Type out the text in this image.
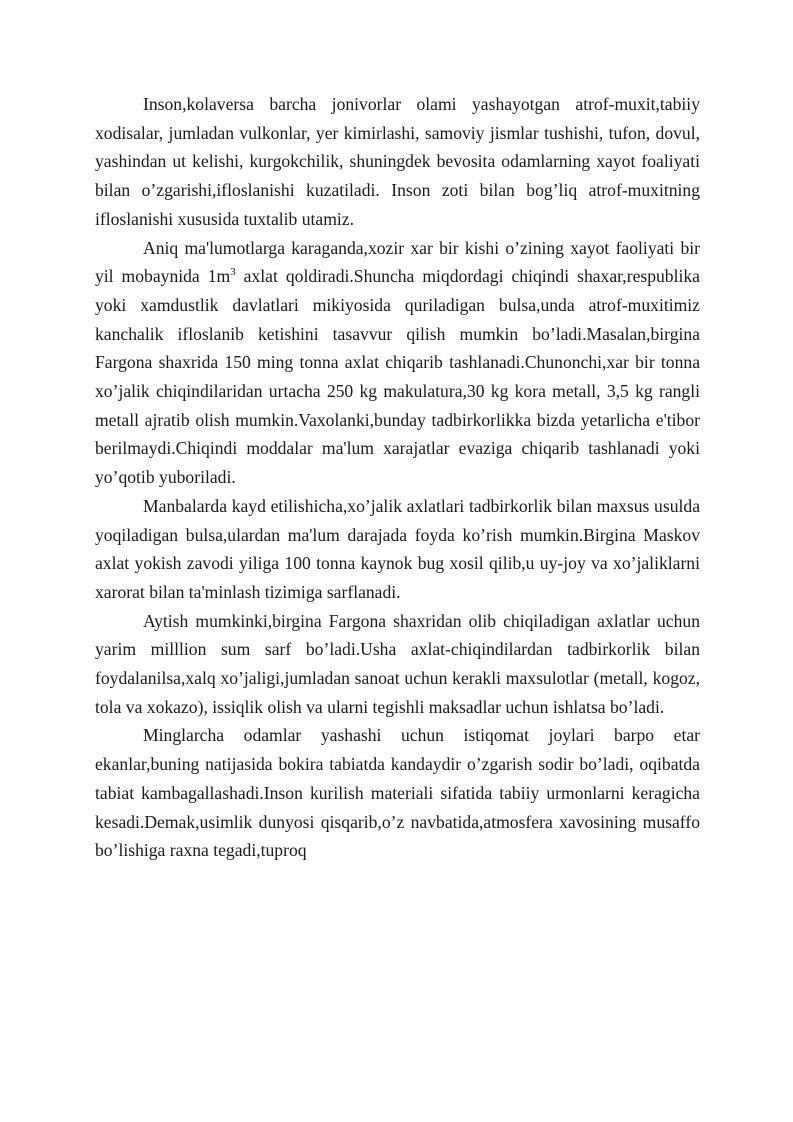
Inson,kolaversa barcha jonivorlar olami yashayotgan atrof-muxit,tabiiy xodisalar, jumladan vulkonlar, yer kimirlashi, samoviy jismlar tushishi, tufon, dovul, yashindan ut kelishi, kurgokchilik, shuningdek bevosita odamlarning xayot foaliyati bilan o’zgarishi,ifloslanishi kuzatiladi. Inson zoti bilan bog’liq atrof-muxitning ifloslanishi xususida tuxtalib utamiz.

Aniq ma'lumotlarga karaganda,xozir xar bir kishi o’zining xayot faoliyati bir yil mobaynida $1m^3$ axlat qoldiradi.Shuncha miqdordagi chiqindi shaxar,respublika yoki xamdustlik davlatlari mikiyosida quriladigan bulsa,unda atrof-muxitimiz kanchalik ifloslanib ketishini tasavvur qilish mumkin bo’ladi.Masalan,birgina Fargona shaxrida 150 ming tonna axlat chiqarib tashlanadi.Chunonchi,xar bir tonna xo’jalik chiqindilaridan urtacha 250 kg makulatura,30 kg kora metall, 3,5 kg rangli metall ajratib olish mumkin.Vaxolanki,bunday tadbirkorlikka bizda yetarlicha e'tibor berilmaydi.Chiqindi moddalar ma'lum xarajatlar evaziga chiqarib tashlanadi yoki yo’qotib yuboriladi.

Manbalarda kayd etilishicha,xo’jalik axlatlari tadbirkorlik bilan maxsus usulda yoqiladigan bulsa,ulardan ma'lum darajada foyda ko’rish mumkin.Birgina Maskov axlat yokish zavodi yiliga 100 tonna kaynok bug xosil qilib,u uy-joy va xo’jaliklarni xarorat bilan ta'minlash tizimiga sarflanadi.

Aytish mumkinki,birgina Fargona shaxridan olib chiqiladigan axlatlar uchun yarim milllion sum sarf bo’ladi.Usha axlat-chiqindilardan tadbirkorlik bilan foydalanilsa,xalq xo’jaligi,jumladan sanoat uchun kerakli maxsulotlar (metall, kogoz, tola va xokazo), issiqlik olish va ularni tegishli maksadlar uchun ishlatsa bo’ladi.

Minglarcha odamlar yashashi uchun istiqomat joylari barpo etar ekanlar,buning natijasida bokira tabiatda kandaydir o’zgarish sodir bo’ladi, oqibatda tabiat kambagallashadi.Inson kurilish materiali sifatida tabiiy urmonlarni keragicha kesadi.Demak,usimlik dunyosi qisqarib,o’z navbatida,atmosfera xavosining musaffo bo’lishiga raxna tegadi,tuproq
